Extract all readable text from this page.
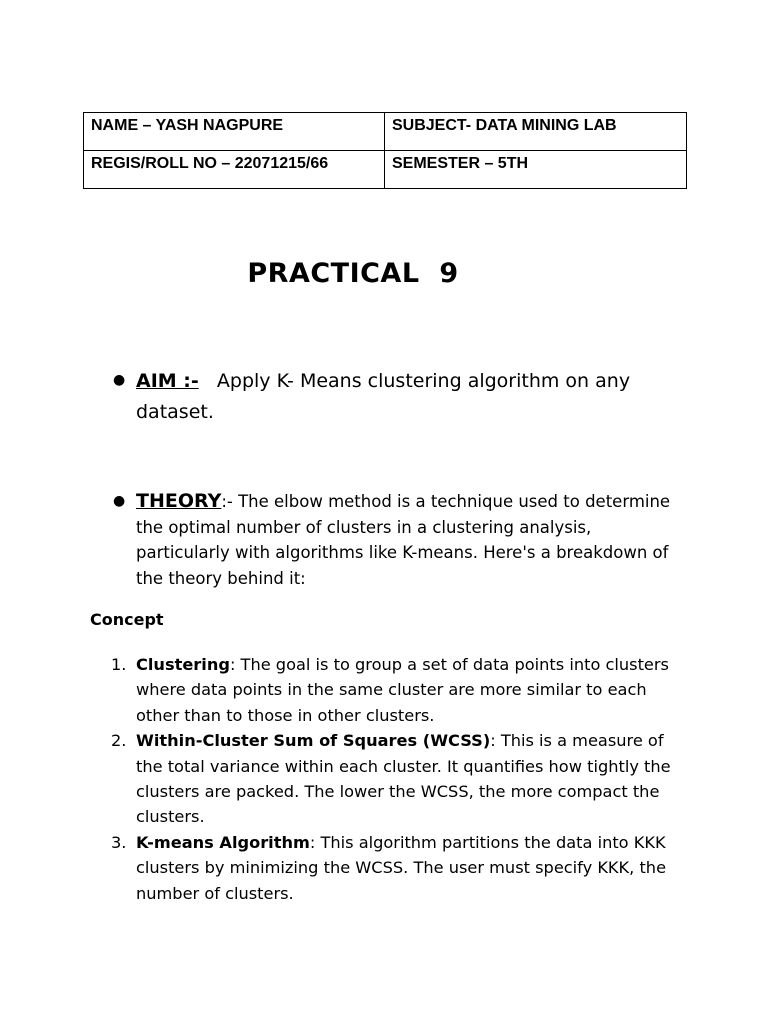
NAME – YASH NAGPURE	SUBJECT- DATA MINING LAB
REGIS/ROLL NO – 22071215/66	SEMESTER – 5TH
PRACTICAL  9
● AIM :- Apply K- Means clustering algorithm on any dataset.
● THEORY:- The elbow method is a technique used to determine the optimal number of clusters in a clustering analysis, particularly with algorithms like K-means. Here's a breakdown of the theory behind it:
Concept
1. Clustering: The goal is to group a set of data points into clusters where data points in the same cluster are more similar to each other than to those in other clusters.
2. Within-Cluster Sum of Squares (WCSS): This is a measure of the total variance within each cluster. It quantifies how tightly the clusters are packed. The lower the WCSS, the more compact the clusters.
3. K-means Algorithm: This algorithm partitions the data into KKK clusters by minimizing the WCSS. The user must specify KKK, the number of clusters.
